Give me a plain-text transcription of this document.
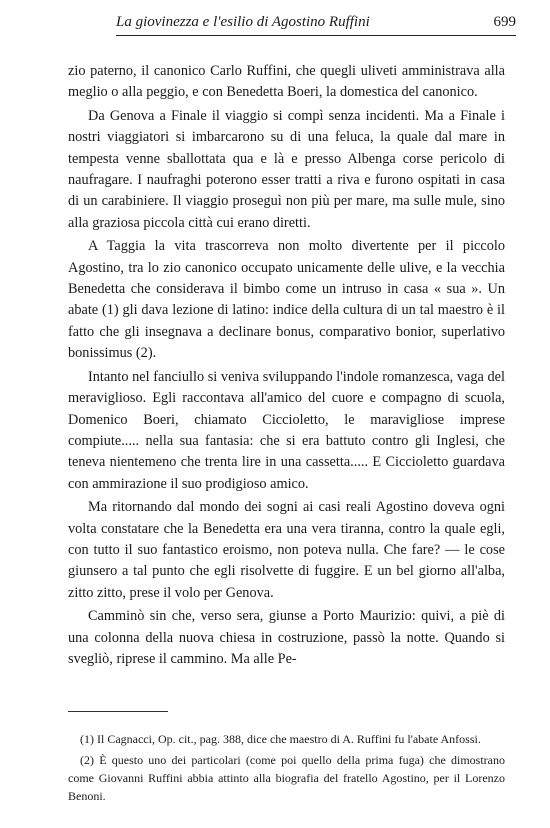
La giovinezza e l'esilio di Agostino Ruffini	699

zio paterno, il canonico Carlo Ruffini, che quegli uliveti amministrava alla meglio o alla peggio, e con Benedetta Boeri, la domestica del canonico.

Da Genova a Finale il viaggio si compì senza incidenti. Ma a Finale i nostri viaggiatori si imbarcarono su di una feluca, la quale dal mare in tempesta venne sballottata qua e là e presso Albenga corse pericolo di naufragare. I naufraghi poterono esser tratti a riva e furono ospitati in casa di un carabiniere. Il viaggio proseguì non più per mare, ma sulle mule, sino alla graziosa piccola città cui erano diretti.

A Taggia la vita trascorreva non molto divertente per il piccolo Agostino, tra lo zio canonico occupato unicamente delle ulive, e la vecchia Benedetta che considerava il bimbo come un intruso in casa « sua ». Un abate (1) gli dava lezione di latino: indice della cultura di un tal maestro è il fatto che gli insegnava a declinare bonus, comparativo bonior, superlativo bonissimus (2).

Intanto nel fanciullo si veniva sviluppando l'indole romanzesca, vaga del meraviglioso. Egli raccontava all'amico del cuore e compagno di scuola, Domenico Boeri, chiamato Ciccioletto, le maravigliose imprese compiute..... nella sua fantasia: che si era battuto contro gli Inglesi, che teneva nientemeno che trenta lire in una cassetta..... E Ciccioletto guardava con ammirazione il suo prodigioso amico.

Ma ritornando dal mondo dei sogni ai casi reali Agostino doveva ogni volta constatare che la Benedetta era una vera tiranna, contro la quale egli, con tutto il suo fantastico eroismo, non poteva nulla. Che fare? — le cose giunsero a tal punto che egli risolvette di fuggire. E un bel giorno all'alba, zitto zitto, prese il volo per Genova.

Camminò sin che, verso sera, giunse a Porto Maurizio: quivi, a piè di una colonna della nuova chiesa in costruzione, passò la notte. Quando si svegliò, riprese il cammino. Ma alle Pe-

(1) Il Cagnacci, Op. cit., pag. 388, dice che maestro di A. Ruffini fu l'abate Anfossi.

(2) È questo uno dei particolari (come poi quello della prima fuga) che dimostrano come Giovanni Ruffini abbia attinto alla biografia del fratello Agostino, per il Lorenzo Benoni.
